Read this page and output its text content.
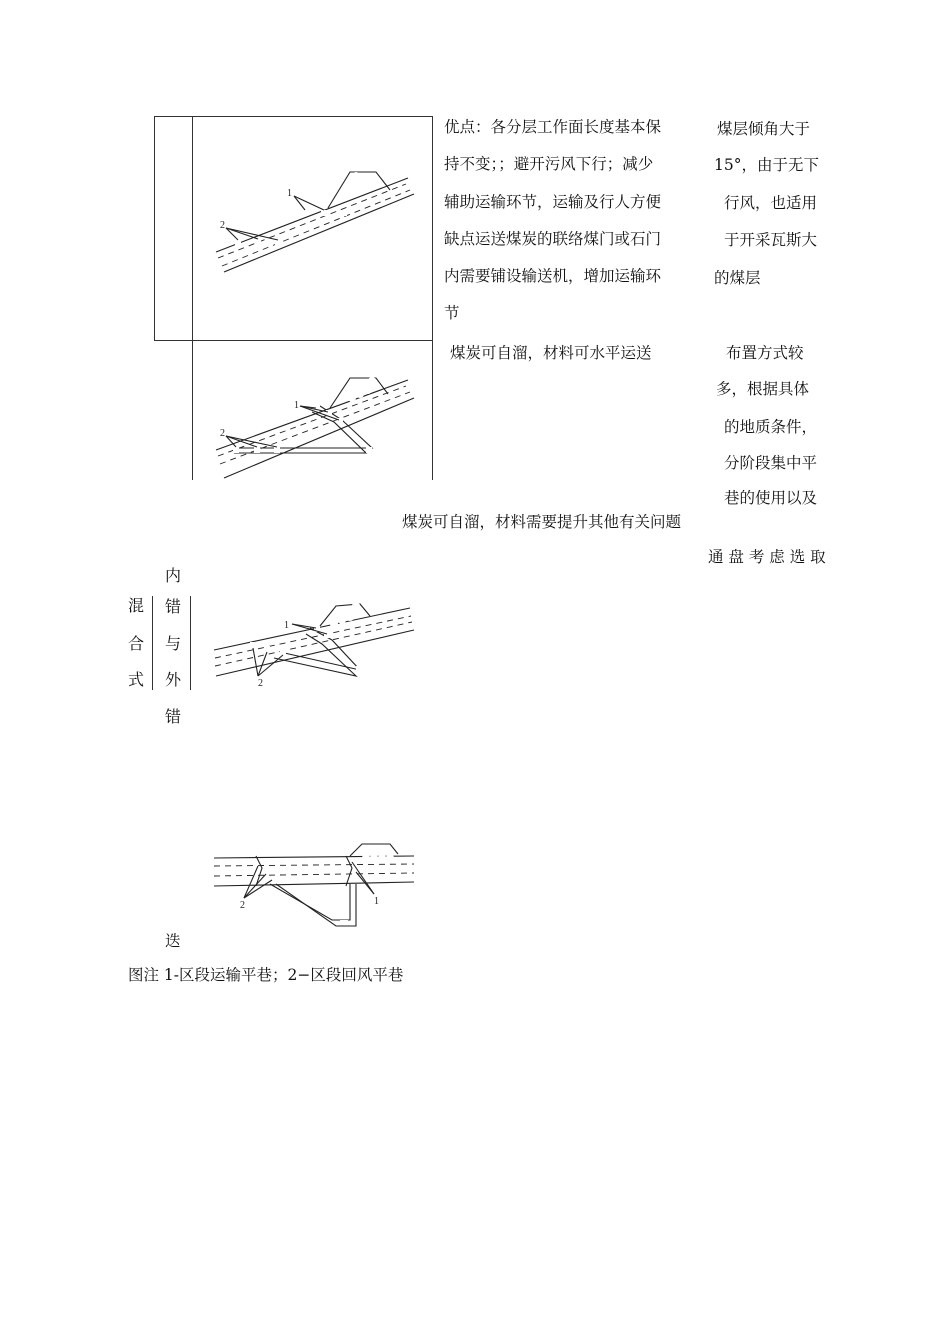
2
1
2
1
优点：各分层工作面长度基本保
持不变；；避开污风下行；减少
辅助运输环节，运输及行人方便
缺点运送煤炭的联络煤门或石门
内需要铺设输送机，增加运输环
节
煤层倾角大于
15°，由于无下
行风，也适用
于开采瓦斯大
的煤层
煤炭可自溜，材料可水平运送	布置方式较
多，根据具体
的地质条件，
分阶段集中平
巷的使用以及
煤炭可自溜，材料需要提升其他有关问题
通 盘 考 虑 选 取
混
合
式
内
错
与
外
错
2
1
2	1
迭
图注 1-区段运输平巷；2−区段回风平巷
